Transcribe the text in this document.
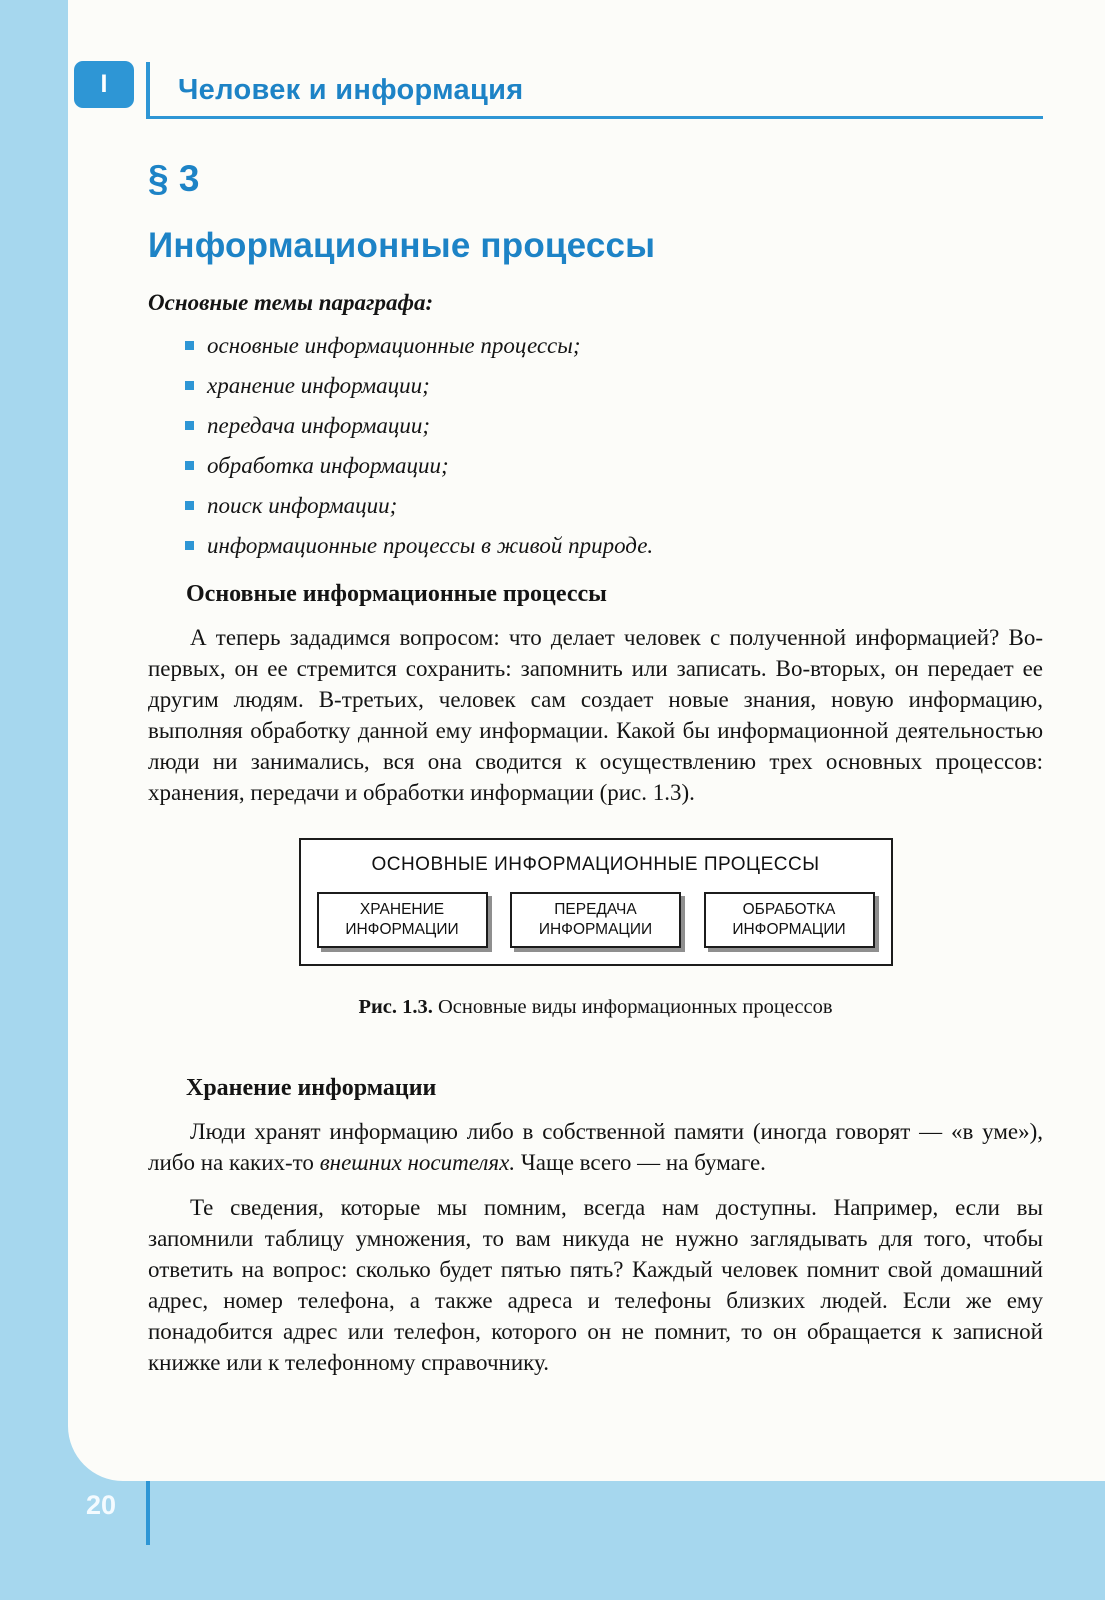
I Человек и информация
§ 3
Информационные процессы

Основные темы параграфа:

основные информационные процессы;
хранение информации;
передача информации;
обработка информации;
поиск информации;
информационные процессы в живой природе.
Основные информационные процессы

А теперь зададимся вопросом: что делает человек с полученной информацией? Во-первых, он ее стремится сохранить: запомнить или записать. Во-вторых, он передает ее другим людям. В-третьих, человек сам создает новые знания, новую информацию, выполняя обработку данной ему информации. Какой бы информационной деятельностью люди ни занимались, вся она сводится к осуществлению трех основных процессов: хранения, передачи и обработки информации (рис. 1.3).

ОСНОВНЫЕ ИНФОРМАЦИОННЫЕ ПРОЦЕССЫ
ХРАНЕНИЕ ИНФОРМАЦИИ
ПЕРЕДАЧА ИНФОРМАЦИИ
ОБРАБОТКА ИНФОРМАЦИИ
Рис. 1.3. Основные виды информационных процессов
Хранение информации

Люди хранят информацию либо в собственной памяти (иногда говорят — «в уме»), либо на каких-то внешних носителях. Чаще всего — на бумаге.

Те сведения, которые мы помним, всегда нам доступны. Например, если вы запомнили таблицу умножения, то вам никуда не нужно заглядывать для того, чтобы ответить на вопрос: сколько будет пятью пять? Каждый человек помнит свой домашний адрес, номер телефона, а также адреса и телефоны близких людей. Если же ему понадобится адрес или телефон, которого он не помнит, то он обращается к записной книжке или к телефонному справочнику.

20
